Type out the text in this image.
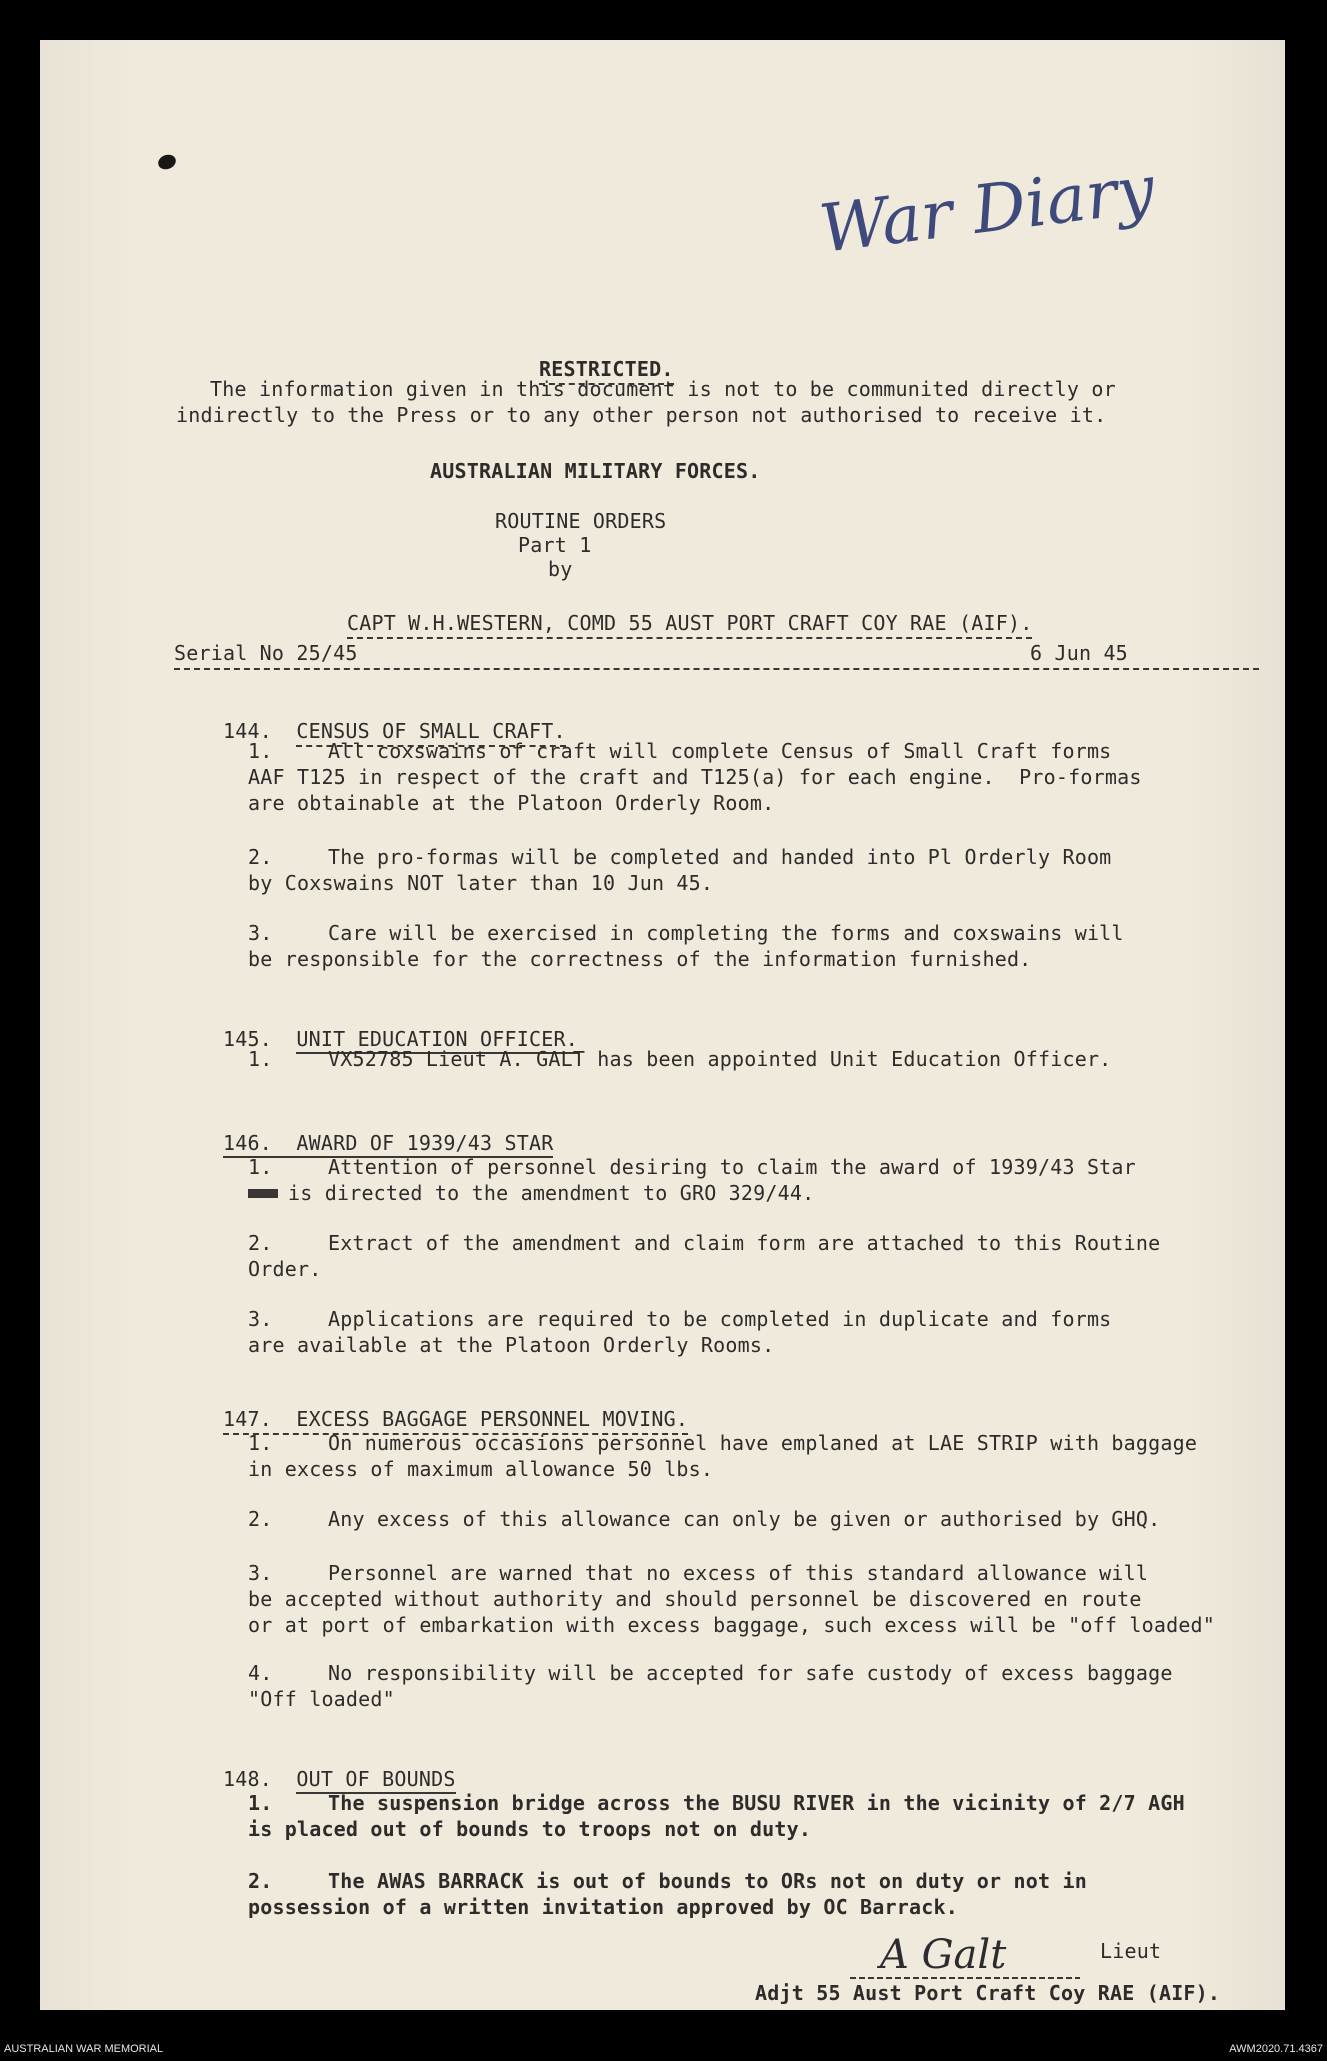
War Diary

RESTRICTED.

The information given in this document is not to be communited directly or
indirectly to the Press or to any other person not authorised to receive it.
AUSTRALIAN MILITARY FORCES.
ROUTINE ORDERS
Part 1
by

CAPT W.H.WESTERN, COMD 55 AUST PORT CRAFT COY RAE (AIF).

Serial No 25/45	6 Jun 45

144. CENSUS OF SMALL CRAFT.

1.	All coxswains of craft will complete Census of Small Craft forms
AAF T125 in respect of the craft and T125(a) for each engine.  Pro-formas
are obtainable at the Platoon Orderly Room.
2.	The pro-formas will be completed and handed into Pl Orderly Room
by Coxswains NOT later than 10 Jun 45.
3.	Care will be exercised in completing the forms and coxswains will
be responsible for the correctness of the information furnished.

145. UNIT EDUCATION OFFICER.

1.	VX52785 Lieut A. GALT has been appointed Unit Education Officer.

146. AWARD OF 1939/43 STAR

1.	Attention of personnel desiring to claim the award of 1939/43 Star
is directed to the amendment to GRO 329/44.
2.	Extract of the amendment and claim form are attached to this Routine
Order.
3.	Applications are required to be completed in duplicate and forms
are available at the Platoon Orderly Rooms.

147. EXCESS BAGGAGE PERSONNEL MOVING.

1.	On numerous occasions personnel have emplaned at LAE STRIP with baggage
in excess of maximum allowance 50 lbs.
2.	Any excess of this allowance can only be given or authorised by GHQ.
3.	Personnel are warned that no excess of this standard allowance will
be accepted without authority and should personnel be discovered en route
or at port of embarkation with excess baggage, such excess will be "off loaded"
4.	No responsibility will be accepted for safe custody of excess baggage
"Off loaded"

148. OUT OF BOUNDS

1.	The suspension bridge across the BUSU RIVER in the vicinity of 2/7 AGH
is placed out of bounds to troops not on duty.
2.	The AWAS BARRACK is out of bounds to ORs not on duty or not in
possession of a written invitation approved by OC Barrack.
A Galt	Lieut
Adjt 55 Aust Port Craft Coy RAE (AIF).
AUSTRALIAN WAR MEMORIAL	AWM2020.71.4367
